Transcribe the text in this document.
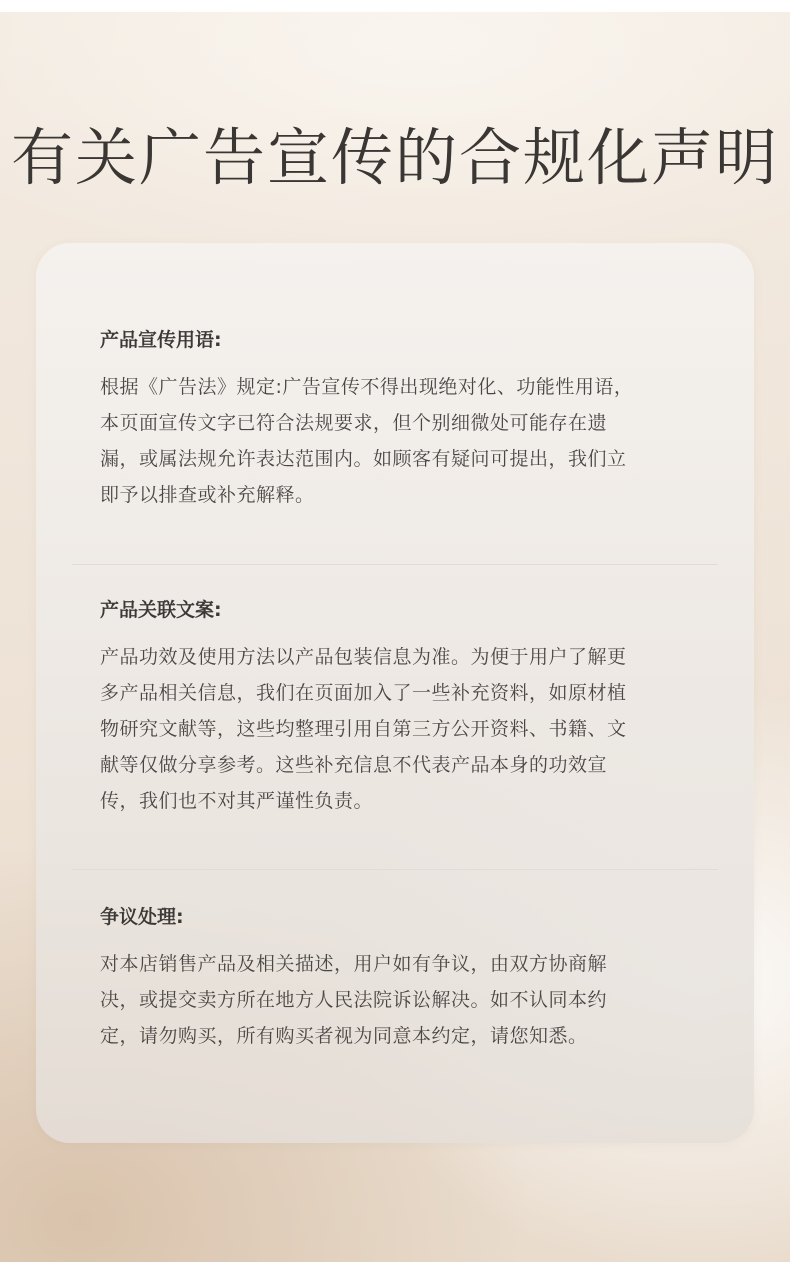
有关广告宣传的合规化声明
产品宣传用语:
根据《广告法》规定:广告宣传不得出现绝对化、功能性用语，
本页面宣传文字已符合法规要求，但个别细微处可能存在遗
漏，或属法规允许表达范围内。如顾客有疑问可提出，我们立
即予以排查或补充解释。
产品关联文案:
产品功效及使用方法以产品包装信息为准。为便于用户了解更
多产品相关信息，我们在页面加入了一些补充资料，如原材植
物研究文献等，这些均整理引用自第三方公开资料、书籍、文
献等仅做分享参考。这些补充信息不代表产品本身的功效宣
传，我们也不对其严谨性负责。
争议处理:
对本店销售产品及相关描述，用户如有争议，由双方协商解
决，或提交卖方所在地方人民法院诉讼解决。如不认同本约
定，请勿购买，所有购买者视为同意本约定，请您知悉。
